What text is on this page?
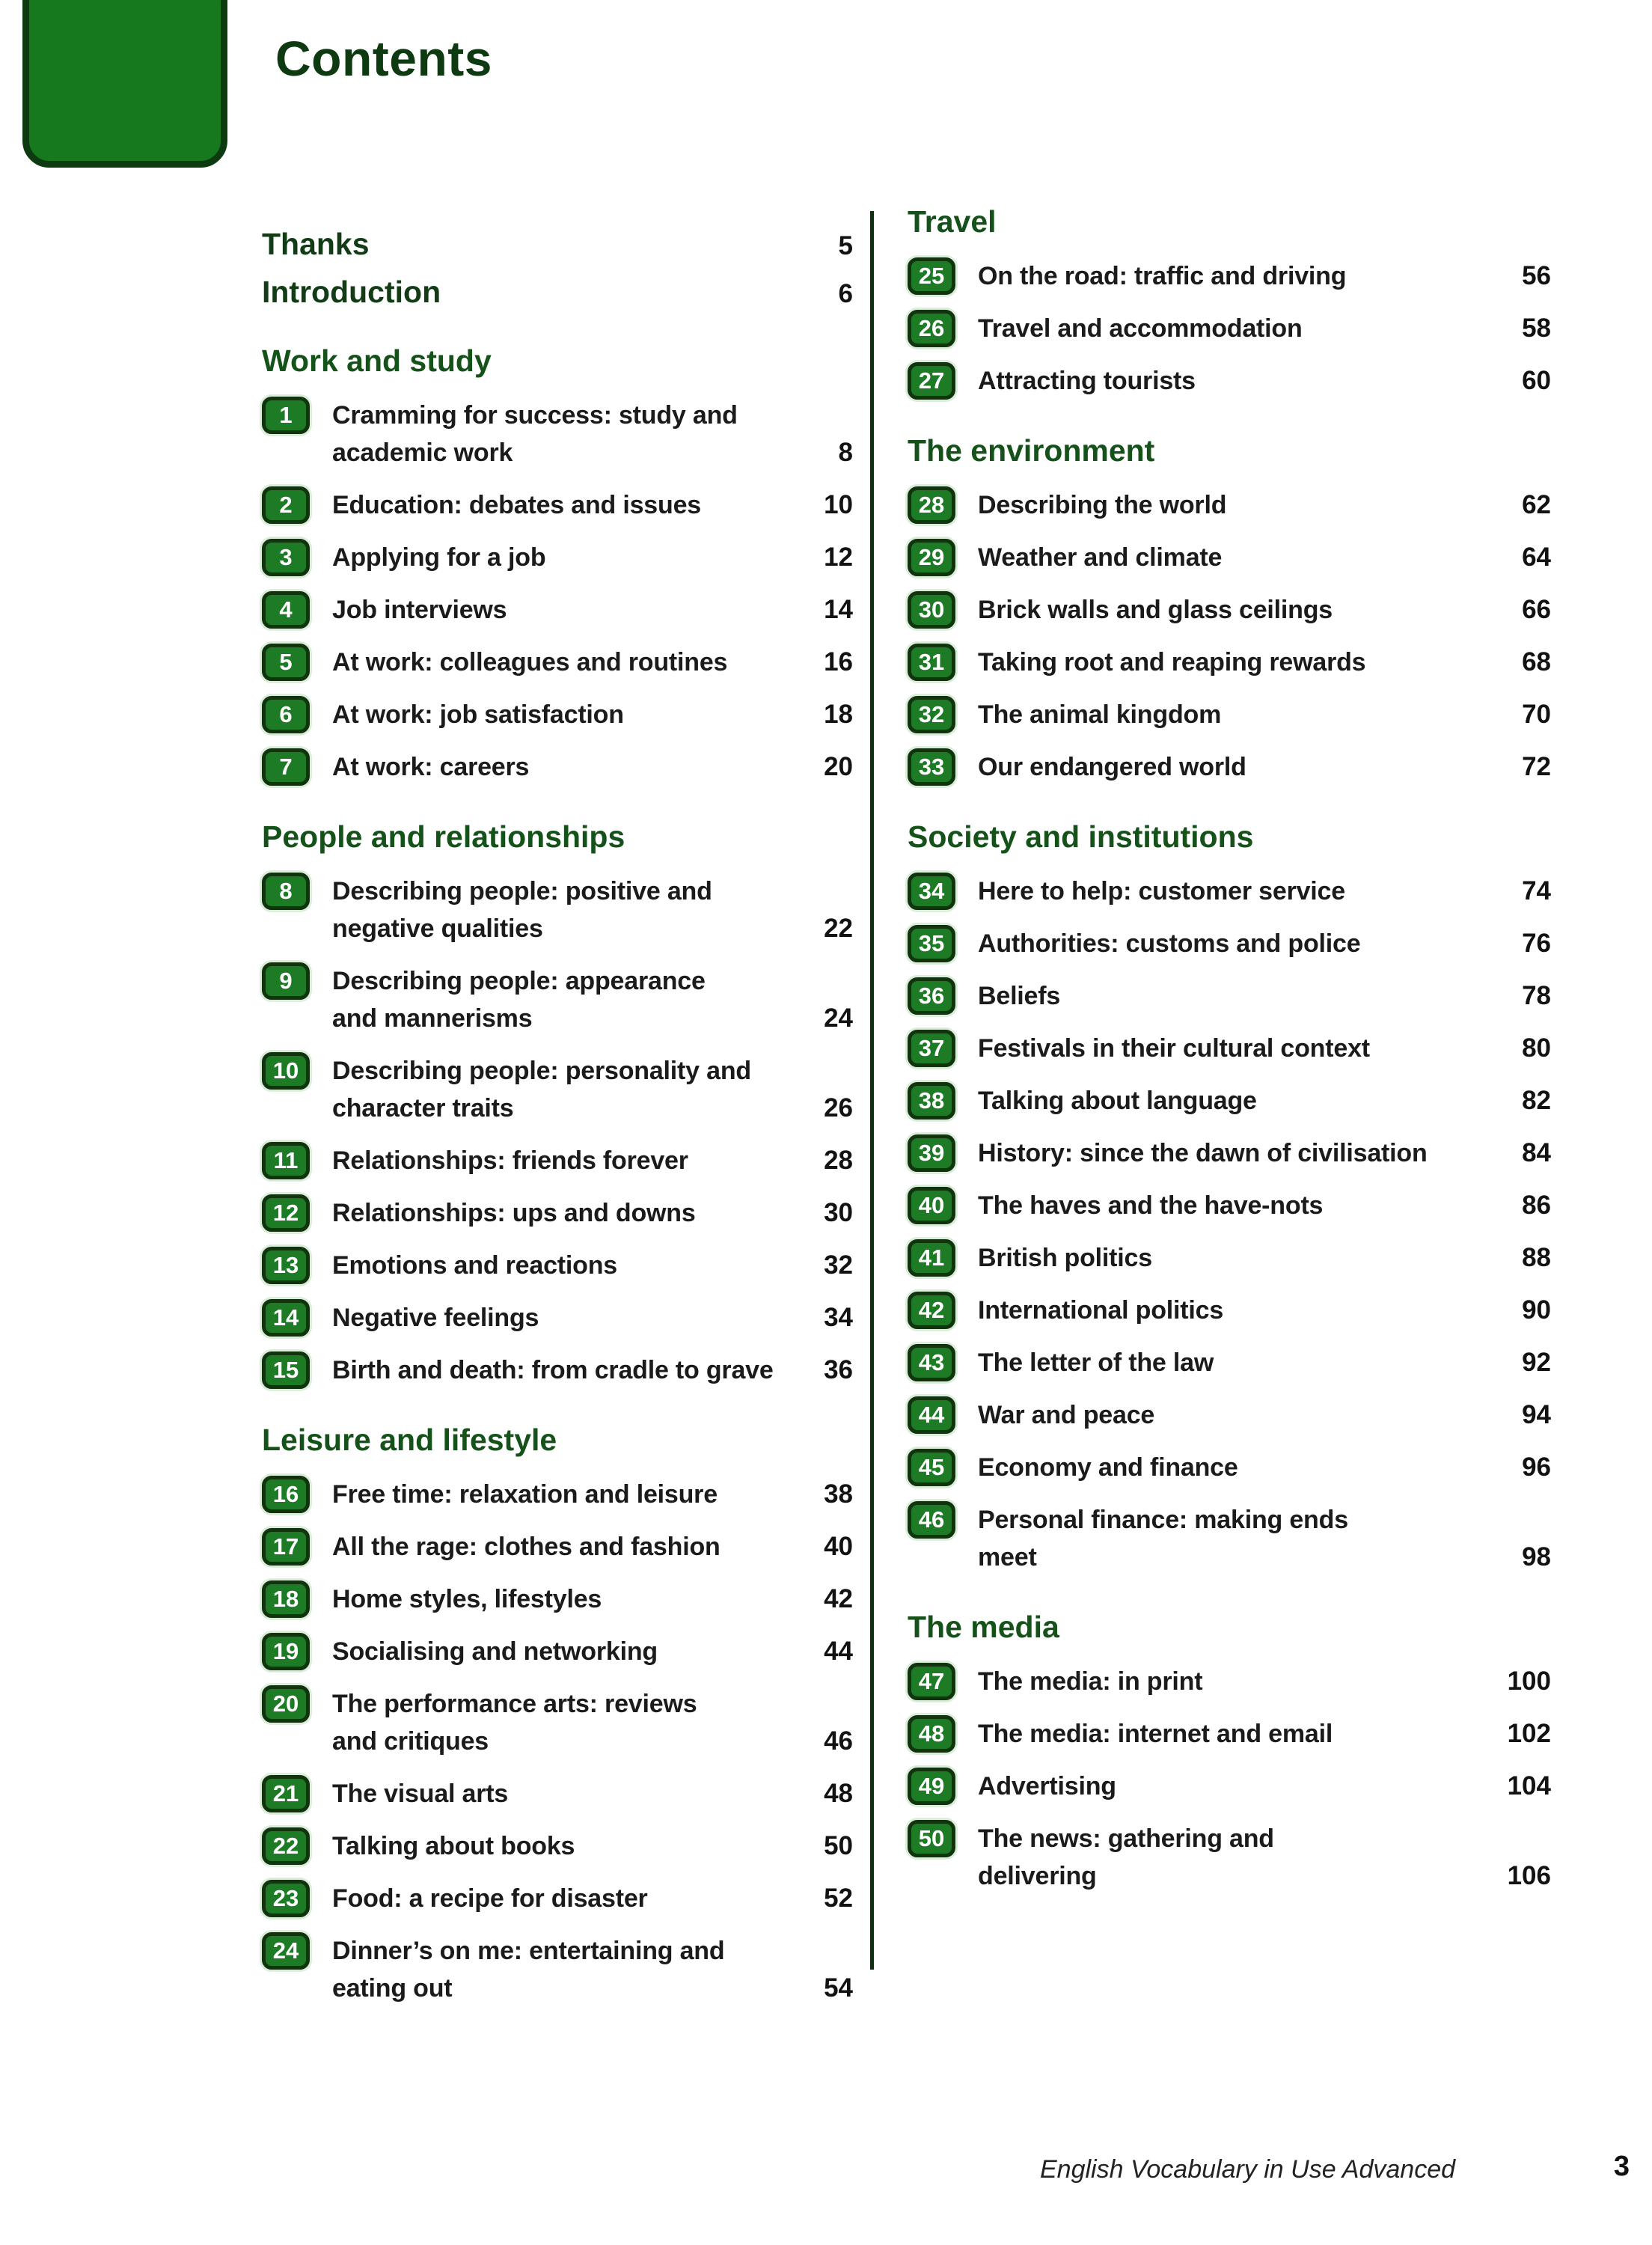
Contents
Thanks	5
Introduction	6
Work and study
1	Cramming for success: study and
academic work	8
2	Education: debates and issues	10
3	Applying for a job	12
4	Job interviews	14
5	At work: colleagues and routines	16
6	At work: job satisfaction	18
7	At work: careers	20
People and relationships
8	Describing people: positive and
negative qualities	22
9	Describing people: appearance
and mannerisms	24
10	Describing people: personality and
character traits	26
11	Relationships: friends forever	28
12	Relationships: ups and downs	30
13	Emotions and reactions	32
14	Negative feelings	34
15	Birth and death: from cradle to grave	36
Leisure and lifestyle
16	Free time: relaxation and leisure	38
17	All the rage: clothes and fashion	40
18	Home styles, lifestyles	42
19	Socialising and networking	44
20	The performance arts: reviews
and critiques	46
21	The visual arts	48
22	Talking about books	50
23	Food: a recipe for disaster	52
24	Dinner’s on me: entertaining and
eating out	54
Travel
25	On the road: traffic and driving	56
26	Travel and accommodation	58
27	Attracting tourists	60
The environment
28	Describing the world	62
29	Weather and climate	64
30	Brick walls and glass ceilings	66
31	Taking root and reaping rewards	68
32	The animal kingdom	70
33	Our endangered world	72
Society and institutions
34	Here to help: customer service	74
35	Authorities: customs and police	76
36	Beliefs	78
37	Festivals in their cultural context	80
38	Talking about language	82
39	History: since the dawn of civilisation	84
40	The haves and the have-nots	86
41	British politics	88
42	International politics	90
43	The letter of the law	92
44	War and peace	94
45	Economy and finance	96
46	Personal finance: making ends
meet	98
The media
47	The media: in print	100
48	The media: internet and email	102
49	Advertising	104
50	The news: gathering and
delivering	106
English Vocabulary in Use Advanced	3
